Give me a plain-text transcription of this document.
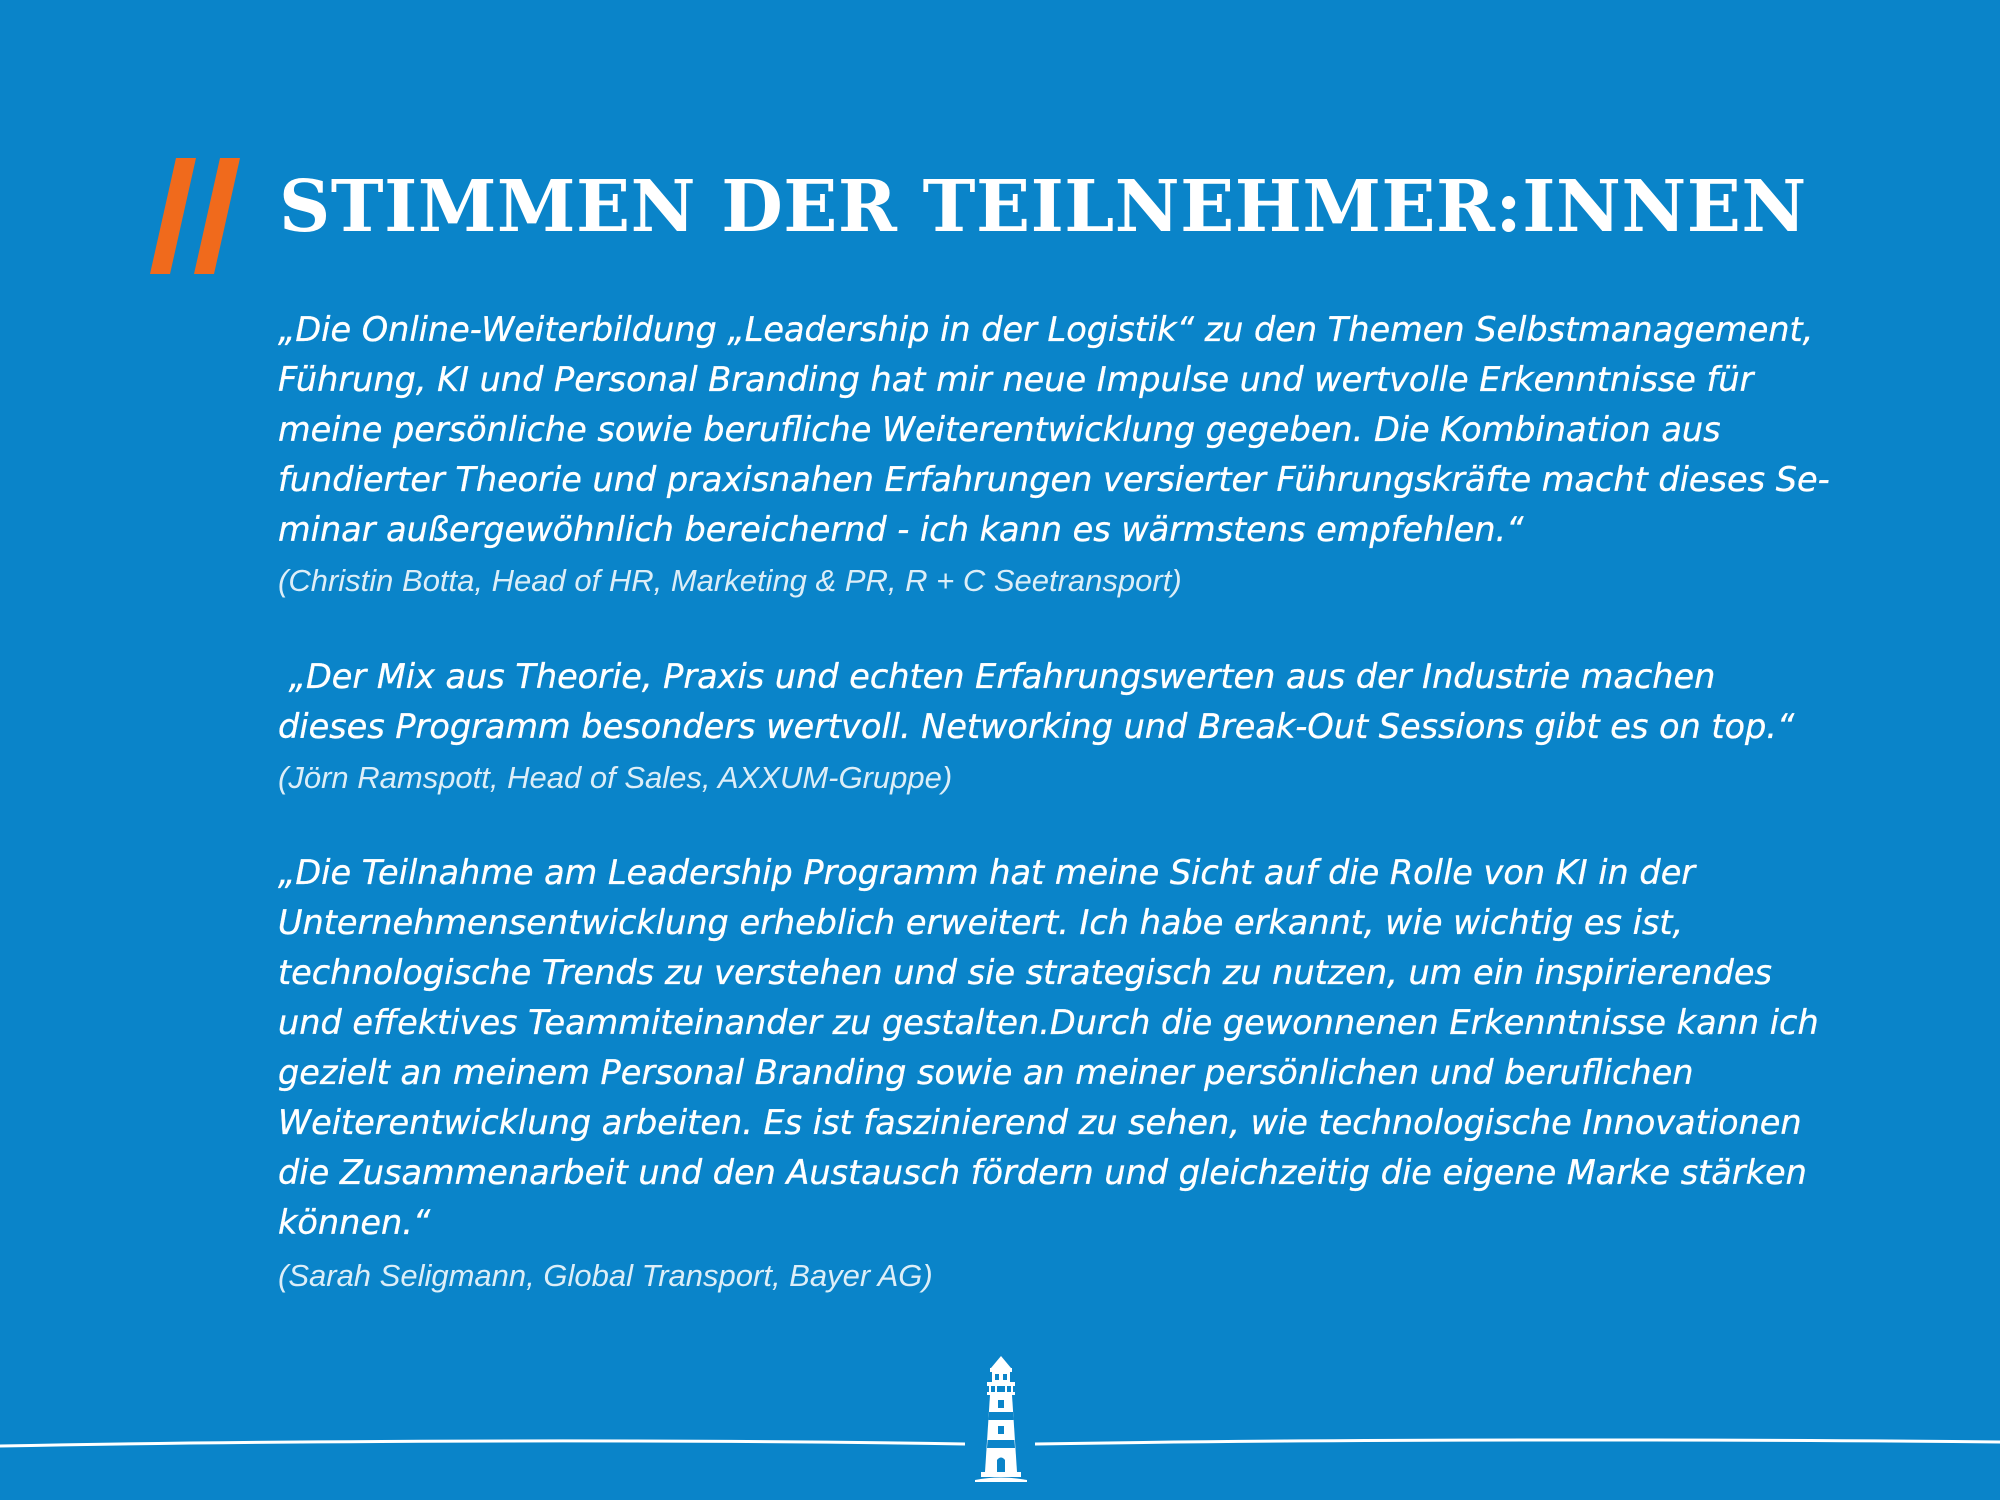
STIMMEN DER TEILNEHMER:INNEN

„Die Online-Weiterbildung „Leadership in der Logistik“ zu den Themen Selbstmanagement,
Führung, KI und Personal Branding hat mir neue Impulse und wertvolle Erkenntnisse für
meine persönliche sowie berufliche Weiterentwicklung gegeben. Die Kombination aus
fundierter Theorie und praxisnahen Erfahrungen versierter Führungskräfte macht dieses Se-
minar außergewöhnlich bereichernd - ich kann es wärmstens empfehlen.“

(Christin Botta, Head of HR, Marketing & PR, R + C Seetransport)

„Der Mix aus Theorie, Praxis und echten Erfahrungswerten aus der Industrie machen
dieses Programm besonders wertvoll. Networking und Break-Out Sessions gibt es on top.“

(Jörn Ramspott, Head of Sales, AXXUM-Gruppe)

„Die Teilnahme am Leadership Programm hat meine Sicht auf die Rolle von KI in der
Unternehmensentwicklung erheblich erweitert. Ich habe erkannt, wie wichtig es ist,
technologische Trends zu verstehen und sie strategisch zu nutzen, um ein inspirierendes
und effektives Teammiteinander zu gestalten.Durch die gewonnenen Erkenntnisse kann ich
gezielt an meinem Personal Branding sowie an meiner persönlichen und beruflichen
Weiterentwicklung arbeiten. Es ist faszinierend zu sehen, wie technologische Innovationen
die Zusammenarbeit und den Austausch fördern und gleichzeitig die eigene Marke stärken
können.“

(Sarah Seligmann, Global Transport, Bayer AG)
